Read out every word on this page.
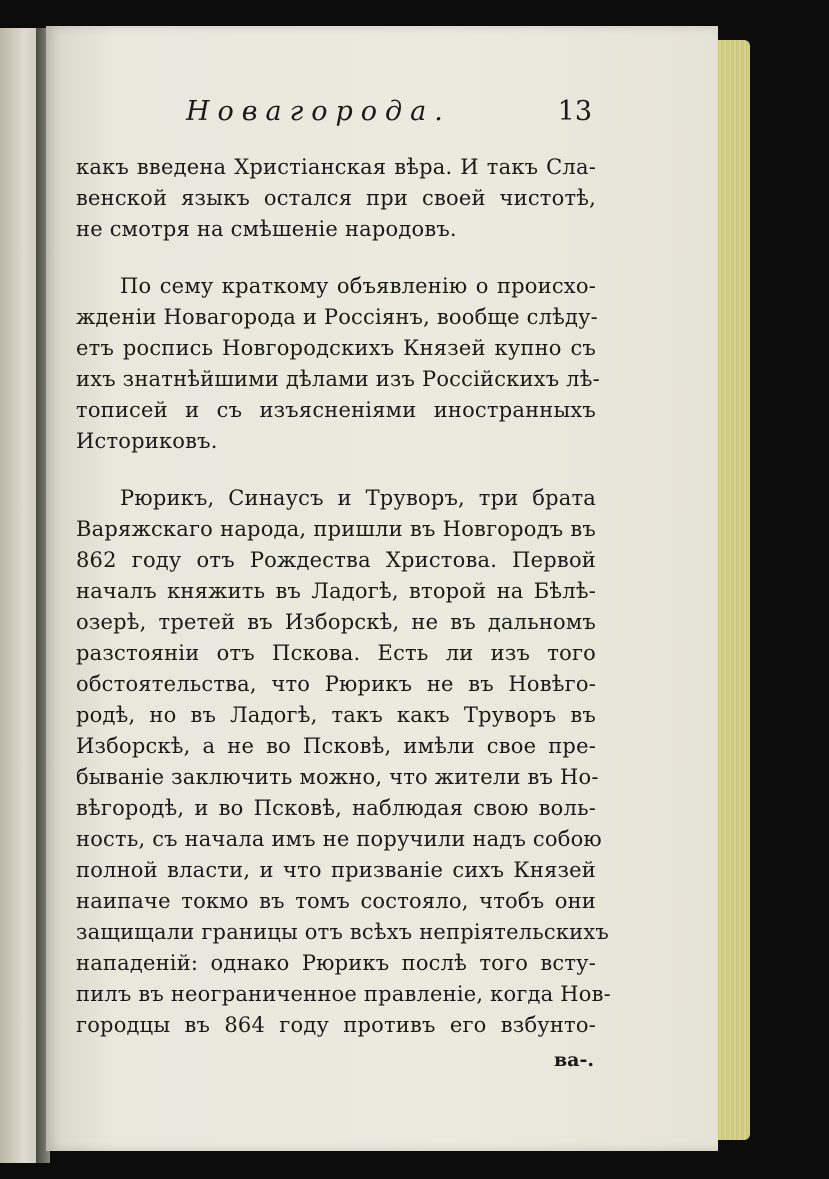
Новагорода.	13
какъ введена Христіанская вѣра. И такъ Сла-
венской языкъ остался при своей чистотѣ,
не смотря на смѣшеніе народовъ.
По сему краткому объявленію о происхо-
жденіи Новагорода и Россіянъ, вообще слѣду-
етъ роспись Новгородскихъ Князей купно съ
ихъ знатнѣйшими дѣлами изъ Россійскихъ лѣ-
тописей и съ изъясненіями иностранныхъ
Историковъ.
Рюрикъ, Синаусъ и Труворъ, три брата
Варяжскаго народа, пришли въ Новгородъ въ
862 году отъ Рождества Христова. Первой
началъ княжить въ Ладогѣ, второй на Бѣлѣ-
озерѣ, третей въ Изборскѣ, не въ дальномъ
разстояніи отъ Пскова. Есть ли изъ того
обстоятельства, что Рюрикъ не въ Новѣго-
родѣ, но въ Ладогѣ, такъ какъ Труворъ въ
Изборскѣ, а не во Псковѣ, имѣли свое пре-
бываніе заключить можно, что жители въ Но-
вѣгородѣ, и во Псковѣ, наблюдая свою воль-
ность, съ начала имъ не поручили надъ собою
полной власти, и что призваніе сихъ Князей
наипаче токмо въ томъ состояло, чтобъ они
защищали границы отъ всѣхъ непріятельскихъ
нападеній: однако Рюрикъ послѣ того всту-
пилъ въ неограниченное правленіе, когда Нов-
городцы въ 864 году противъ его взбунто-
ва-.
